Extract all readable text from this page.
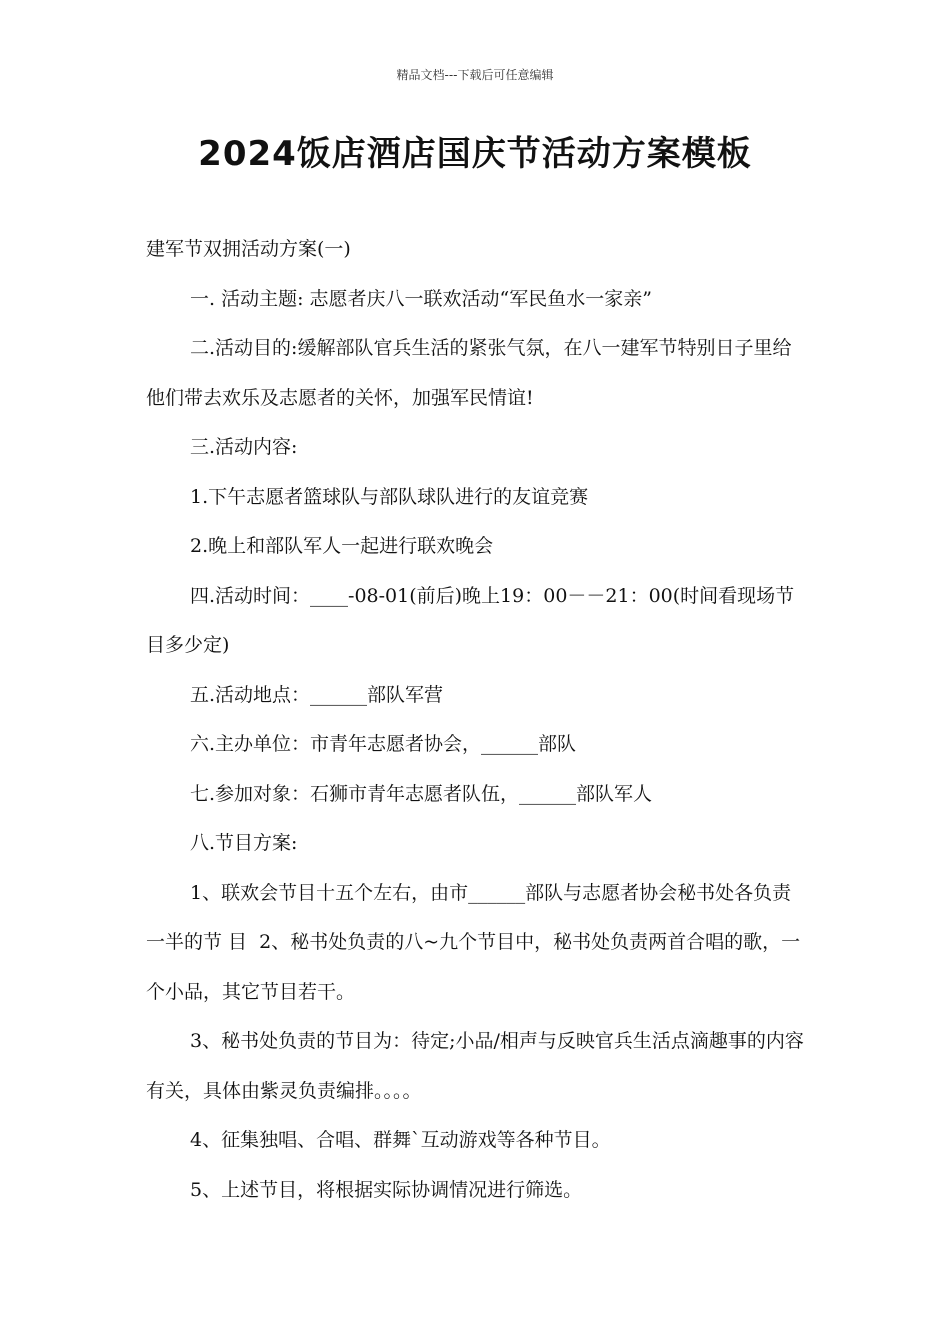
精品文档---下载后可任意编辑
2024饭店酒店国庆节活动方案模板

建军节双拥活动方案(一)

一. 活动主题: 志愿者庆八一联欢活动“军民鱼水一家亲”

二.活动目的:缓解部队官兵生活的紧张气氛，在八一建军节特别日子里给他们带去欢乐及志愿者的关怀，加强军民情谊!

三.活动内容:

1.下午志愿者篮球队与部队球队进行的友谊竞赛

2.晚上和部队军人一起进行联欢晚会

四.活动时间：____-08-01(前后)晚上19：00－－21：00(时间看现场节目多少定)

五.活动地点：______部队军营

六.主办单位：市青年志愿者协会，______部队

七.参加对象：石狮市青年志愿者队伍，______部队军人

八.节目方案:

1、联欢会节目十五个左右，由市______部队与志愿者协会秘书处各负责一半的节 目  2、秘书处负责的八~九个节目中，秘书处负责两首合唱的歌，一个小品，其它节目若干。

3、秘书处负责的节目为：待定;小品/相声与反映官兵生活点滴趣事的内容有关，具体由紫灵负责编排。。。。

4、征集独唱、合唱、群舞`互动游戏等各种节目。

5、上述节目，将根据实际协调情况进行筛选。
